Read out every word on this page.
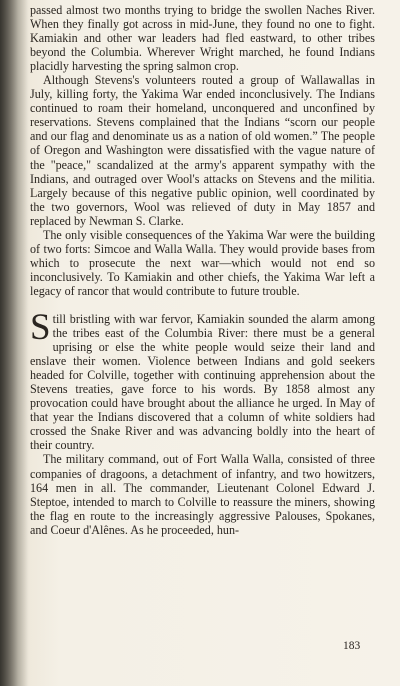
passed almost two months trying to bridge the swollen Naches River. When they finally got across in mid-June, they found no one to fight. Kamiakin and other war leaders had fled eastward, to other tribes beyond the Columbia. Wherever Wright marched, he found Indians placidly harvesting the spring salmon crop.

Although Stevens's volunteers routed a group of Wallawallas in July, killing forty, the Yakima War ended inconclusively. The Indians continued to roam their homeland, unconquered and unconfined by reservations. Stevens complained that the Indians “scorn our people and our flag and denominate us as a nation of old women.” The people of Oregon and Washington were dissatisfied with the vague nature of the "peace," scandalized at the army's apparent sympathy with the Indians, and outraged over Wool's attacks on Stevens and the militia. Largely because of this negative public opinion, well coordinated by the two governors, Wool was relieved of duty in May 1857 and replaced by Newman S. Clarke.

The only visible consequences of the Yakima War were the building of two forts: Simcoe and Walla Walla. They would provide bases from which to prosecute the next war—which would not end so inconclusively. To Kamiakin and other chiefs, the Yakima War left a legacy of rancor that would contribute to future trouble.

Still bristling with war fervor, Kamiakin sounded the alarm among the tribes east of the Columbia River: there must be a general uprising or else the white people would seize their land and enslave their women. Violence between Indians and gold seekers headed for Colville, together with continuing apprehension about the Stevens treaties, gave force to his words. By 1858 almost any provocation could have brought about the alliance he urged. In May of that year the Indians discovered that a column of white soldiers had crossed the Snake River and was advancing boldly into the heart of their country.

The military command, out of Fort Walla Walla, consisted of three companies of dragoons, a detachment of infantry, and two howitzers, 164 men in all. The commander, Lieutenant Colonel Edward J. Steptoe, intended to march to Colville to reassure the miners, showing the flag en route to the increasingly aggressive Palouses, Spokanes, and Coeur d'Alênes. As he proceeded, hun-

183
